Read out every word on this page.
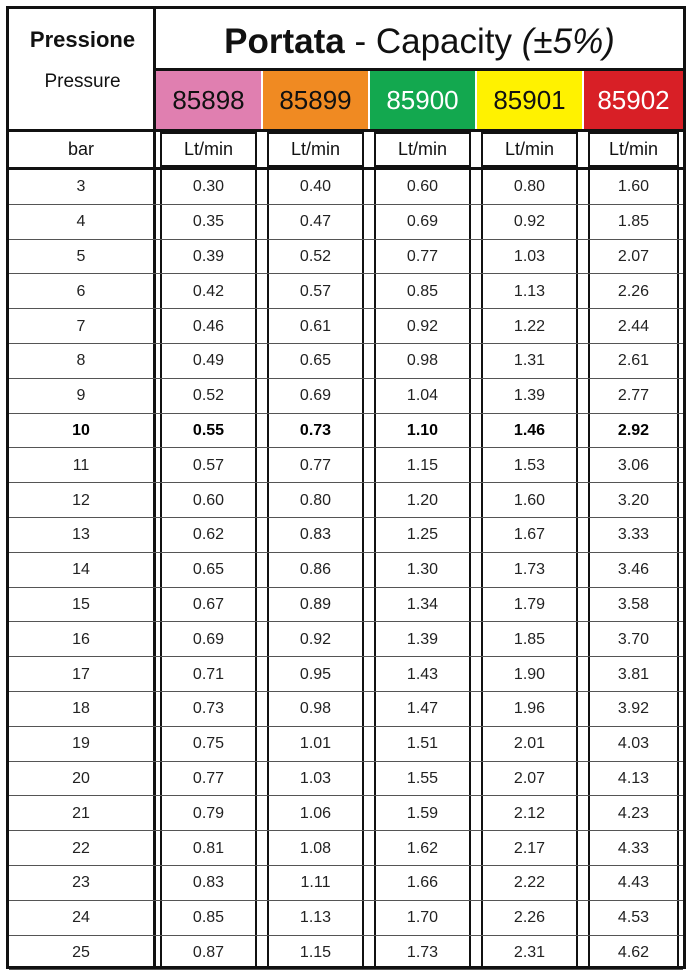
Pressione
Pressure
Portata - Capacity (±5%)
85898	85899	85900	85901	85902
bar	Lt/min	Lt/min	Lt/min	Lt/min	Lt/min
3	0.30	0.40	0.60	0.80	1.60
4	0.35	0.47	0.69	0.92	1.85
5	0.39	0.52	0.77	1.03	2.07
6	0.42	0.57	0.85	1.13	2.26
7	0.46	0.61	0.92	1.22	2.44
8	0.49	0.65	0.98	1.31	2.61
9	0.52	0.69	1.04	1.39	2.77
10	0.55	0.73	1.10	1.46	2.92
11	0.57	0.77	1.15	1.53	3.06
12	0.60	0.80	1.20	1.60	3.20
13	0.62	0.83	1.25	1.67	3.33
14	0.65	0.86	1.30	1.73	3.46
15	0.67	0.89	1.34	1.79	3.58
16	0.69	0.92	1.39	1.85	3.70
17	0.71	0.95	1.43	1.90	3.81
18	0.73	0.98	1.47	1.96	3.92
19	0.75	1.01	1.51	2.01	4.03
20	0.77	1.03	1.55	2.07	4.13
21	0.79	1.06	1.59	2.12	4.23
22	0.81	1.08	1.62	2.17	4.33
23	0.83	1.11	1.66	2.22	4.43
24	0.85	1.13	1.70	2.26	4.53
25	0.87	1.15	1.73	2.31	4.62
